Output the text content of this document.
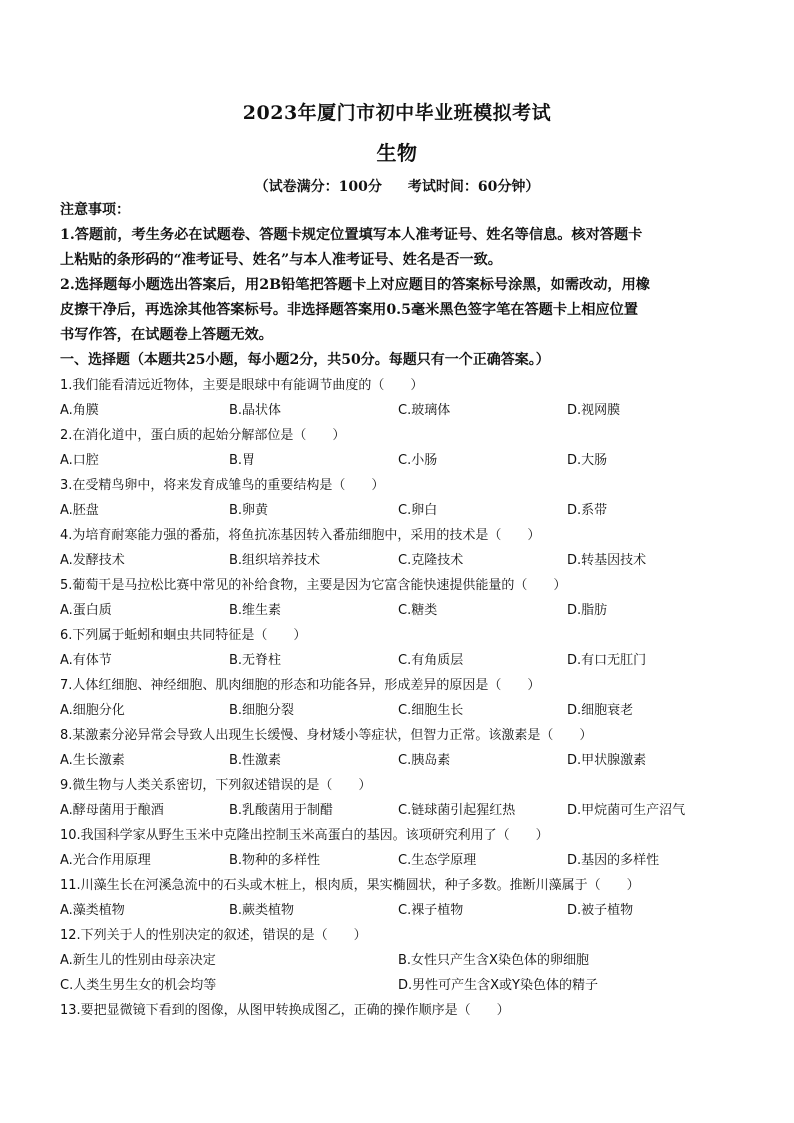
2023年厦门市初中毕业班模拟考试
生物
（试卷满分：100分 考试时间：60分钟）
注意事项：
1.答题前，考生务必在试题卷、答题卡规定位置填写本人准考证号、姓名等信息。核对答题卡
上粘贴的条形码的“准考证号、姓名”与本人准考证号、姓名是否一致。
2.选择题每小题选出答案后，用2B铅笔把答题卡上对应题目的答案标号涂黑，如需改动，用橡
皮擦干净后，再选涂其他答案标号。非选择题答案用0.5毫米黑色签字笔在答题卡上相应位置
书写作答，在试题卷上答题无效。
一、选择题（本题共25小题，每小题2分，共50分。每题只有一个正确答案。）
1.我们能看清远近物体，主要是眼球中有能调节曲度的（　　）
A.角膜	B.晶状体	C.玻璃体	D.视网膜
2.在消化道中，蛋白质的起始分解部位是（　　）
A.口腔	B.胃	C.小肠	D.大肠
3.在受精鸟卵中，将来发育成雏鸟的重要结构是（　　）
A.胚盘	B.卵黄	C.卵白	D.系带
4.为培育耐寒能力强的番茄，将鱼抗冻基因转入番茄细胞中，采用的技术是（　　）
A.发酵技术	B.组织培养技术	C.克隆技术	D.转基因技术
5.葡萄干是马拉松比赛中常见的补给食物，主要是因为它富含能快速提供能量的（　　）
A.蛋白质	B.维生素	C.糖类	D.脂肪
6.下列属于蚯蚓和蛔虫共同特征是（　　）
A.有体节	B.无脊柱	C.有角质层	D.有口无肛门
7.人体红细胞、神经细胞、肌肉细胞的形态和功能各异，形成差异的原因是（　　）
A.细胞分化	B.细胞分裂	C.细胞生长	D.细胞衰老
8.某激素分泌异常会导致人出现生长缓慢、身材矮小等症状，但智力正常。该激素是（　　）
A.生长激素	B.性激素	C.胰岛素	D.甲状腺激素
9.微生物与人类关系密切，下列叙述错误的是（　　）
A.酵母菌用于酿酒	B.乳酸菌用于制醋	C.链球菌引起猩红热	D.甲烷菌可生产沼气
10.我国科学家从野生玉米中克隆出控制玉米高蛋白的基因。该项研究利用了（　　）
A.光合作用原理	B.物种的多样性	C.生态学原理	D.基因的多样性
11.川藻生长在河溪急流中的石头或木桩上，根肉质，果实椭圆状，种子多数。推断川藻属于（　　）
A.藻类植物	B.蕨类植物	C.裸子植物	D.被子植物
12.下列关于人的性别决定的叙述，错误的是（　　）
A.新生儿的性别由母亲决定	B.女性只产生含X染色体的卵细胞
C.人类生男生女的机会均等	D.男性可产生含X或Y染色体的精子
13.要把显微镜下看到的图像，从图甲转换成图乙，正确的操作顺序是（　　）
